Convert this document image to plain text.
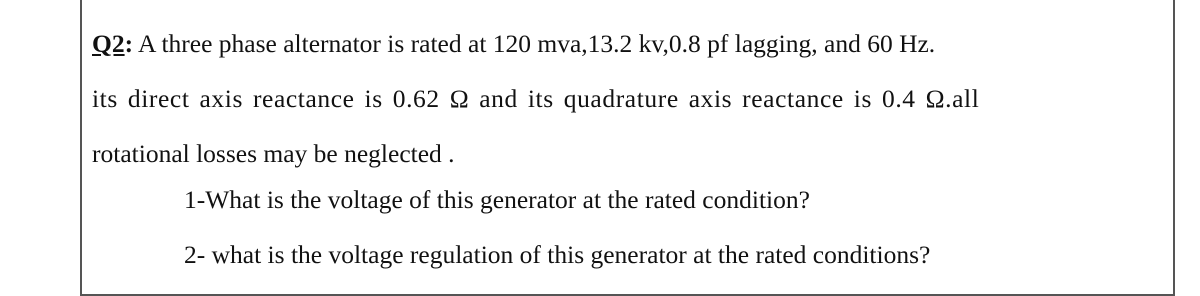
Q2: A three phase alternator is rated at 120 mva,13.2 kv,0.8 pf lagging, and 60 Hz.
its direct axis reactance is 0.62 Ω and its quadrature axis reactance is 0.4 Ω.all
rotational losses may be neglected .
1-What is the voltage of this generator at the rated condition?
2- what is the voltage regulation of this generator at the rated conditions?
